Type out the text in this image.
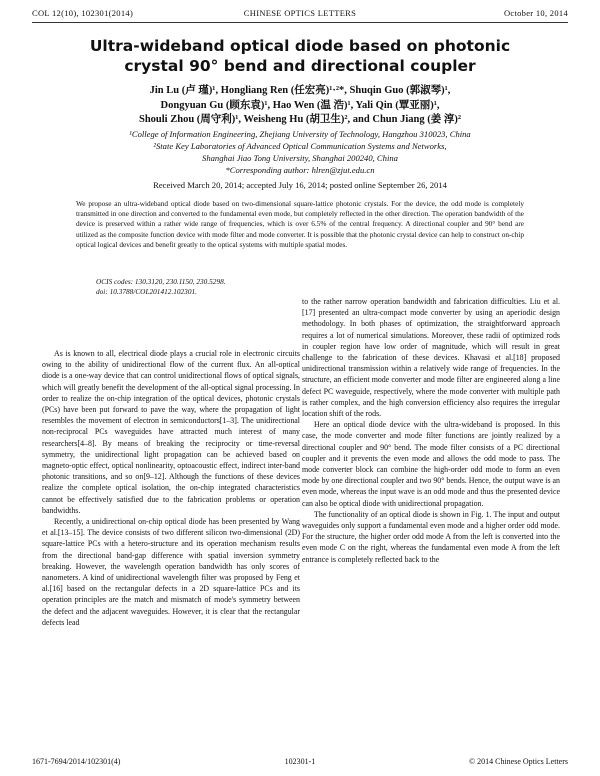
COL 12(10), 102301(2014)	CHINESE OPTICS LETTERS	October 10, 2014
Ultra-wideband optical diode based on photonic
crystal 90° bend and directional coupler
Jin Lu (卢 瑾)¹, Hongliang Ren (任宏亮)¹·²*, Shuqin Guo (郭淑琴)¹,
Dongyuan Gu (顾东袁)¹, Hao Wen (温 浩)¹, Yali Qin (覃亚丽)¹,
Shouli Zhou (周守利)¹, Weisheng Hu (胡卫生)², and Chun Jiang (姜 淳)²
¹College of Information Engineering, Zhejiang University of Technology, Hangzhou 310023, China
²State Key Laboratories of Advanced Optical Communication Systems and Networks,
Shanghai Jiao Tong University, Shanghai 200240, China
*Corresponding author: hlren@zjut.edu.cn
Received March 20, 2014; accepted July 16, 2014; posted online September 26, 2014

We propose an ultra-wideband optical diode based on two-dimensional square-lattice photonic crystals. For the device, the odd mode is completely transmitted in one direction and converted to the fundamental even mode, but completely reflected in the other direction. The operation bandwidth of the device is preserved within a rather wide range of frequencies, which is over 6.5% of the central frequency. A directional coupler and 90° bend are utilized as the composite function device with mode filter and mode converter. It is possible that the photonic crystal device can help to construct on-chip optical logical devices and benefit greatly to the optical systems with multiple spatial modes.

OCIS codes: 130.3120, 230.1150, 230.5298.
doi: 10.3788/COL201412.102301.

As is known to all, electrical diode plays a crucial role in electronic circuits owing to the ability of unidirectional flow of the current flux. An all-optical diode is a one-way device that can control unidirectional flows of optical signals, which will greatly benefit the development of the all-optical signal processing. In order to realize the on-chip integration of the optical devices, photonic crystals (PCs) have been put forward to pave the way, where the propagation of light resembles the movement of electron in semiconductors[1–3]. The unidirectional non-reciprocal PCs waveguides have attracted much interest of many researchers[4–8]. By means of breaking the reciprocity or time-reversal symmetry, the unidirectional light propagation can be achieved based on magneto-optic effect, optical nonlinearity, optoacoustic effect, indirect inter-band photonic transitions, and so on[9–12]. Although the functions of these devices realize the complete optical isolation, the on-chip integrated characteristics cannot be effectively satisfied due to the fabrication problems or operation bandwidths.

Recently, a unidirectional on-chip optical diode has been presented by Wang et al.[13–15]. The device consists of two different silicon two-dimensional (2D) square-lattice PCs with a hetero-structure and its operation mechanism results from the directional band-gap difference with spatial inversion symmetry breaking. However, the wavelength operation bandwidth has only scores of nanometers. A kind of unidirectional wavelength filter was proposed by Feng et al.[16] based on the rectangular defects in a 2D square-lattice PCs and its operation principles are the match and mismatch of mode's symmetry between the defect and the adjacent waveguides. However, it is clear that the rectangular defects lead

to the rather narrow operation bandwidth and fabrication difficulties. Liu et al.[17] presented an ultra-compact mode converter by using an aperiodic design methodology. In both phases of optimization, the straightforward approach requires a lot of numerical simulations. Moreover, these radii of optimized rods in coupler region have low order of magnitude, which will result in great challenge to the fabrication of these devices. Khavasi et al.[18] proposed unidirectional transmission within a relatively wide range of frequencies. In the structure, an efficient mode converter and mode filter are engineered along a line defect PC waveguide, respectively, where the mode converter with multiple path is rather complex, and the high conversion efficiency also requires the irregular location shift of the rods.

Here an optical diode device with the ultra-wideband is proposed. In this case, the mode converter and mode filter functions are jointly realized by a directional coupler and 90° bend. The mode filter consists of a PC directional coupler and it prevents the even mode and allows the odd mode to pass. The mode converter block can combine the high-order odd mode to form an even mode by one directional coupler and two 90° bends. Hence, the output wave is an even mode, whereas the input wave is an odd mode and thus the presented device can also be optical diode with unidirectional propagation.

The functionality of an optical diode is shown in Fig. 1. The input and output waveguides only support a fundamental even mode and a higher order odd mode. For the structure, the higher order odd mode A from the left is converted into the even mode C on the right, whereas the fundamental even mode A from the left entrance is completely reflected back to the

1671-7694/2014/102301(4)	102301-1	© 2014 Chinese Optics Letters
